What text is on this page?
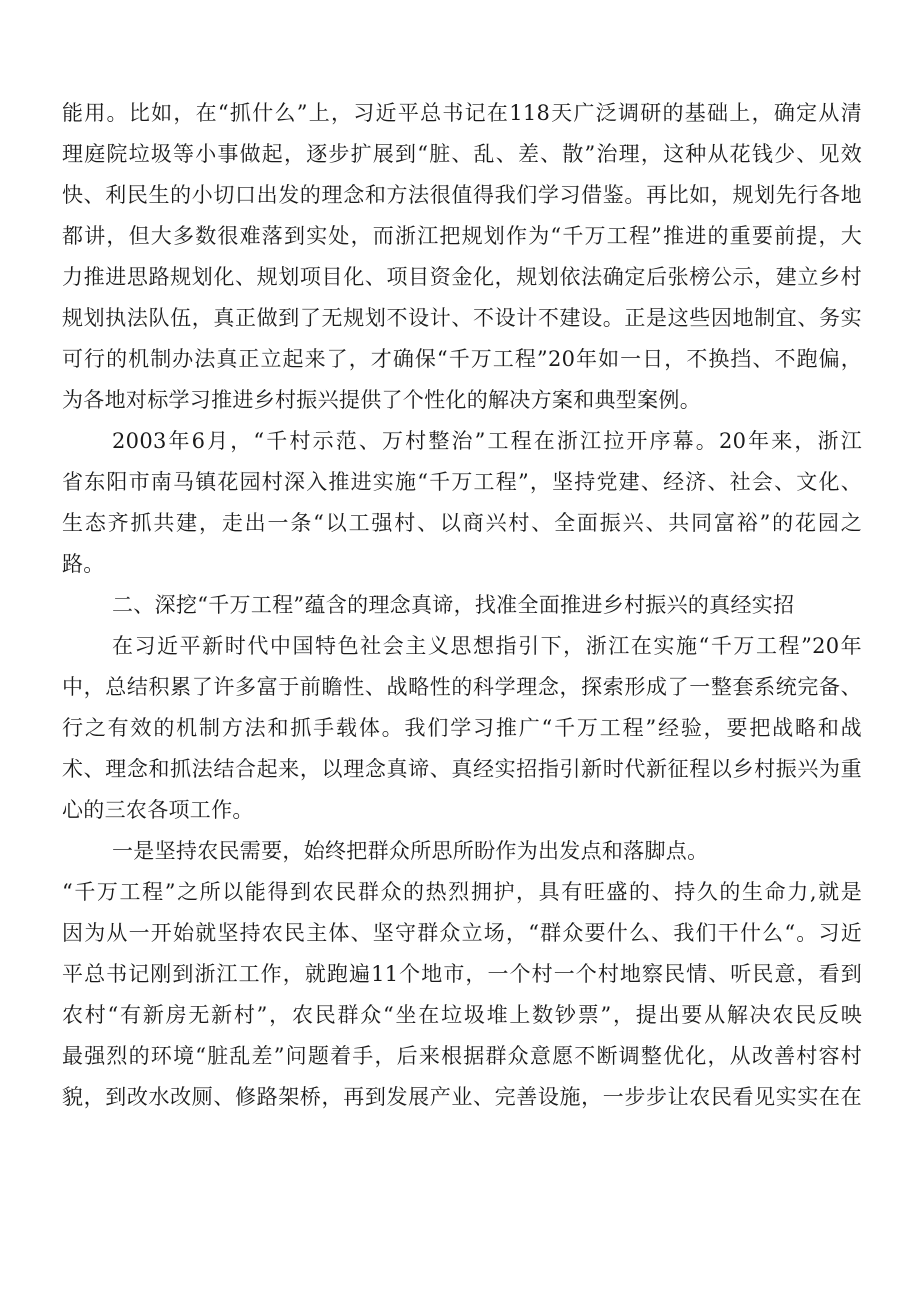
能用。比如，在“抓什么”上，习近平总书记在118天广泛调研的基础上，确定从清
理庭院垃圾等小事做起，逐步扩展到“脏、乱、差、散”治理，这种从花钱少、见效
快、利民生的小切口出发的理念和方法很值得我们学习借鉴。再比如，规划先行各地
都讲，但大多数很难落到实处，而浙江把规划作为“千万工程”推进的重要前提，大
力推进思路规划化、规划项目化、项目资金化，规划依法确定后张榜公示，建立乡村
规划执法队伍，真正做到了无规划不设计、不设计不建设。正是这些因地制宜、务实
可行的机制办法真正立起来了，才确保“千万工程”20年如一日，不换挡、不跑偏，
为各地对标学习推进乡村振兴提供了个性化的解决方案和典型案例。
2003年6月，“千村示范、万村整治”工程在浙江拉开序幕。20年来，浙江
省东阳市南马镇花园村深入推进实施“千万工程”，坚持党建、经济、社会、文化、
生态齐抓共建，走出一条“以工强村、以商兴村、全面振兴、共同富裕”的花园之
路。
二、深挖“千万工程”蕴含的理念真谛，找准全面推进乡村振兴的真经实招
在习近平新时代中国特色社会主义思想指引下，浙江在实施“千万工程”20年
中，总结积累了许多富于前瞻性、战略性的科学理念，探索形成了一整套系统完备、
行之有效的机制方法和抓手载体。我们学习推广“千万工程”经验，要把战略和战
术、理念和抓法结合起来，以理念真谛、真经实招指引新时代新征程以乡村振兴为重
心的三农各项工作。
一是坚持农民需要，始终把群众所思所盼作为出发点和落脚点。
“千万工程”之所以能得到农民群众的热烈拥护，具有旺盛的、持久的生命力,就是
因为从一开始就坚持农民主体、坚守群众立场，“群众要什么、我们干什么“。习近
平总书记刚到浙江工作，就跑遍11个地市，一个村一个村地察民情、听民意，看到
农村“有新房无新村”，农民群众“坐在垃圾堆上数钞票”，提出要从解决农民反映
最强烈的环境“脏乱差”问题着手，后来根据群众意愿不断调整优化，从改善村容村
貌，到改水改厕、修路架桥，再到发展产业、完善设施，一步步让农民看见实实在在
